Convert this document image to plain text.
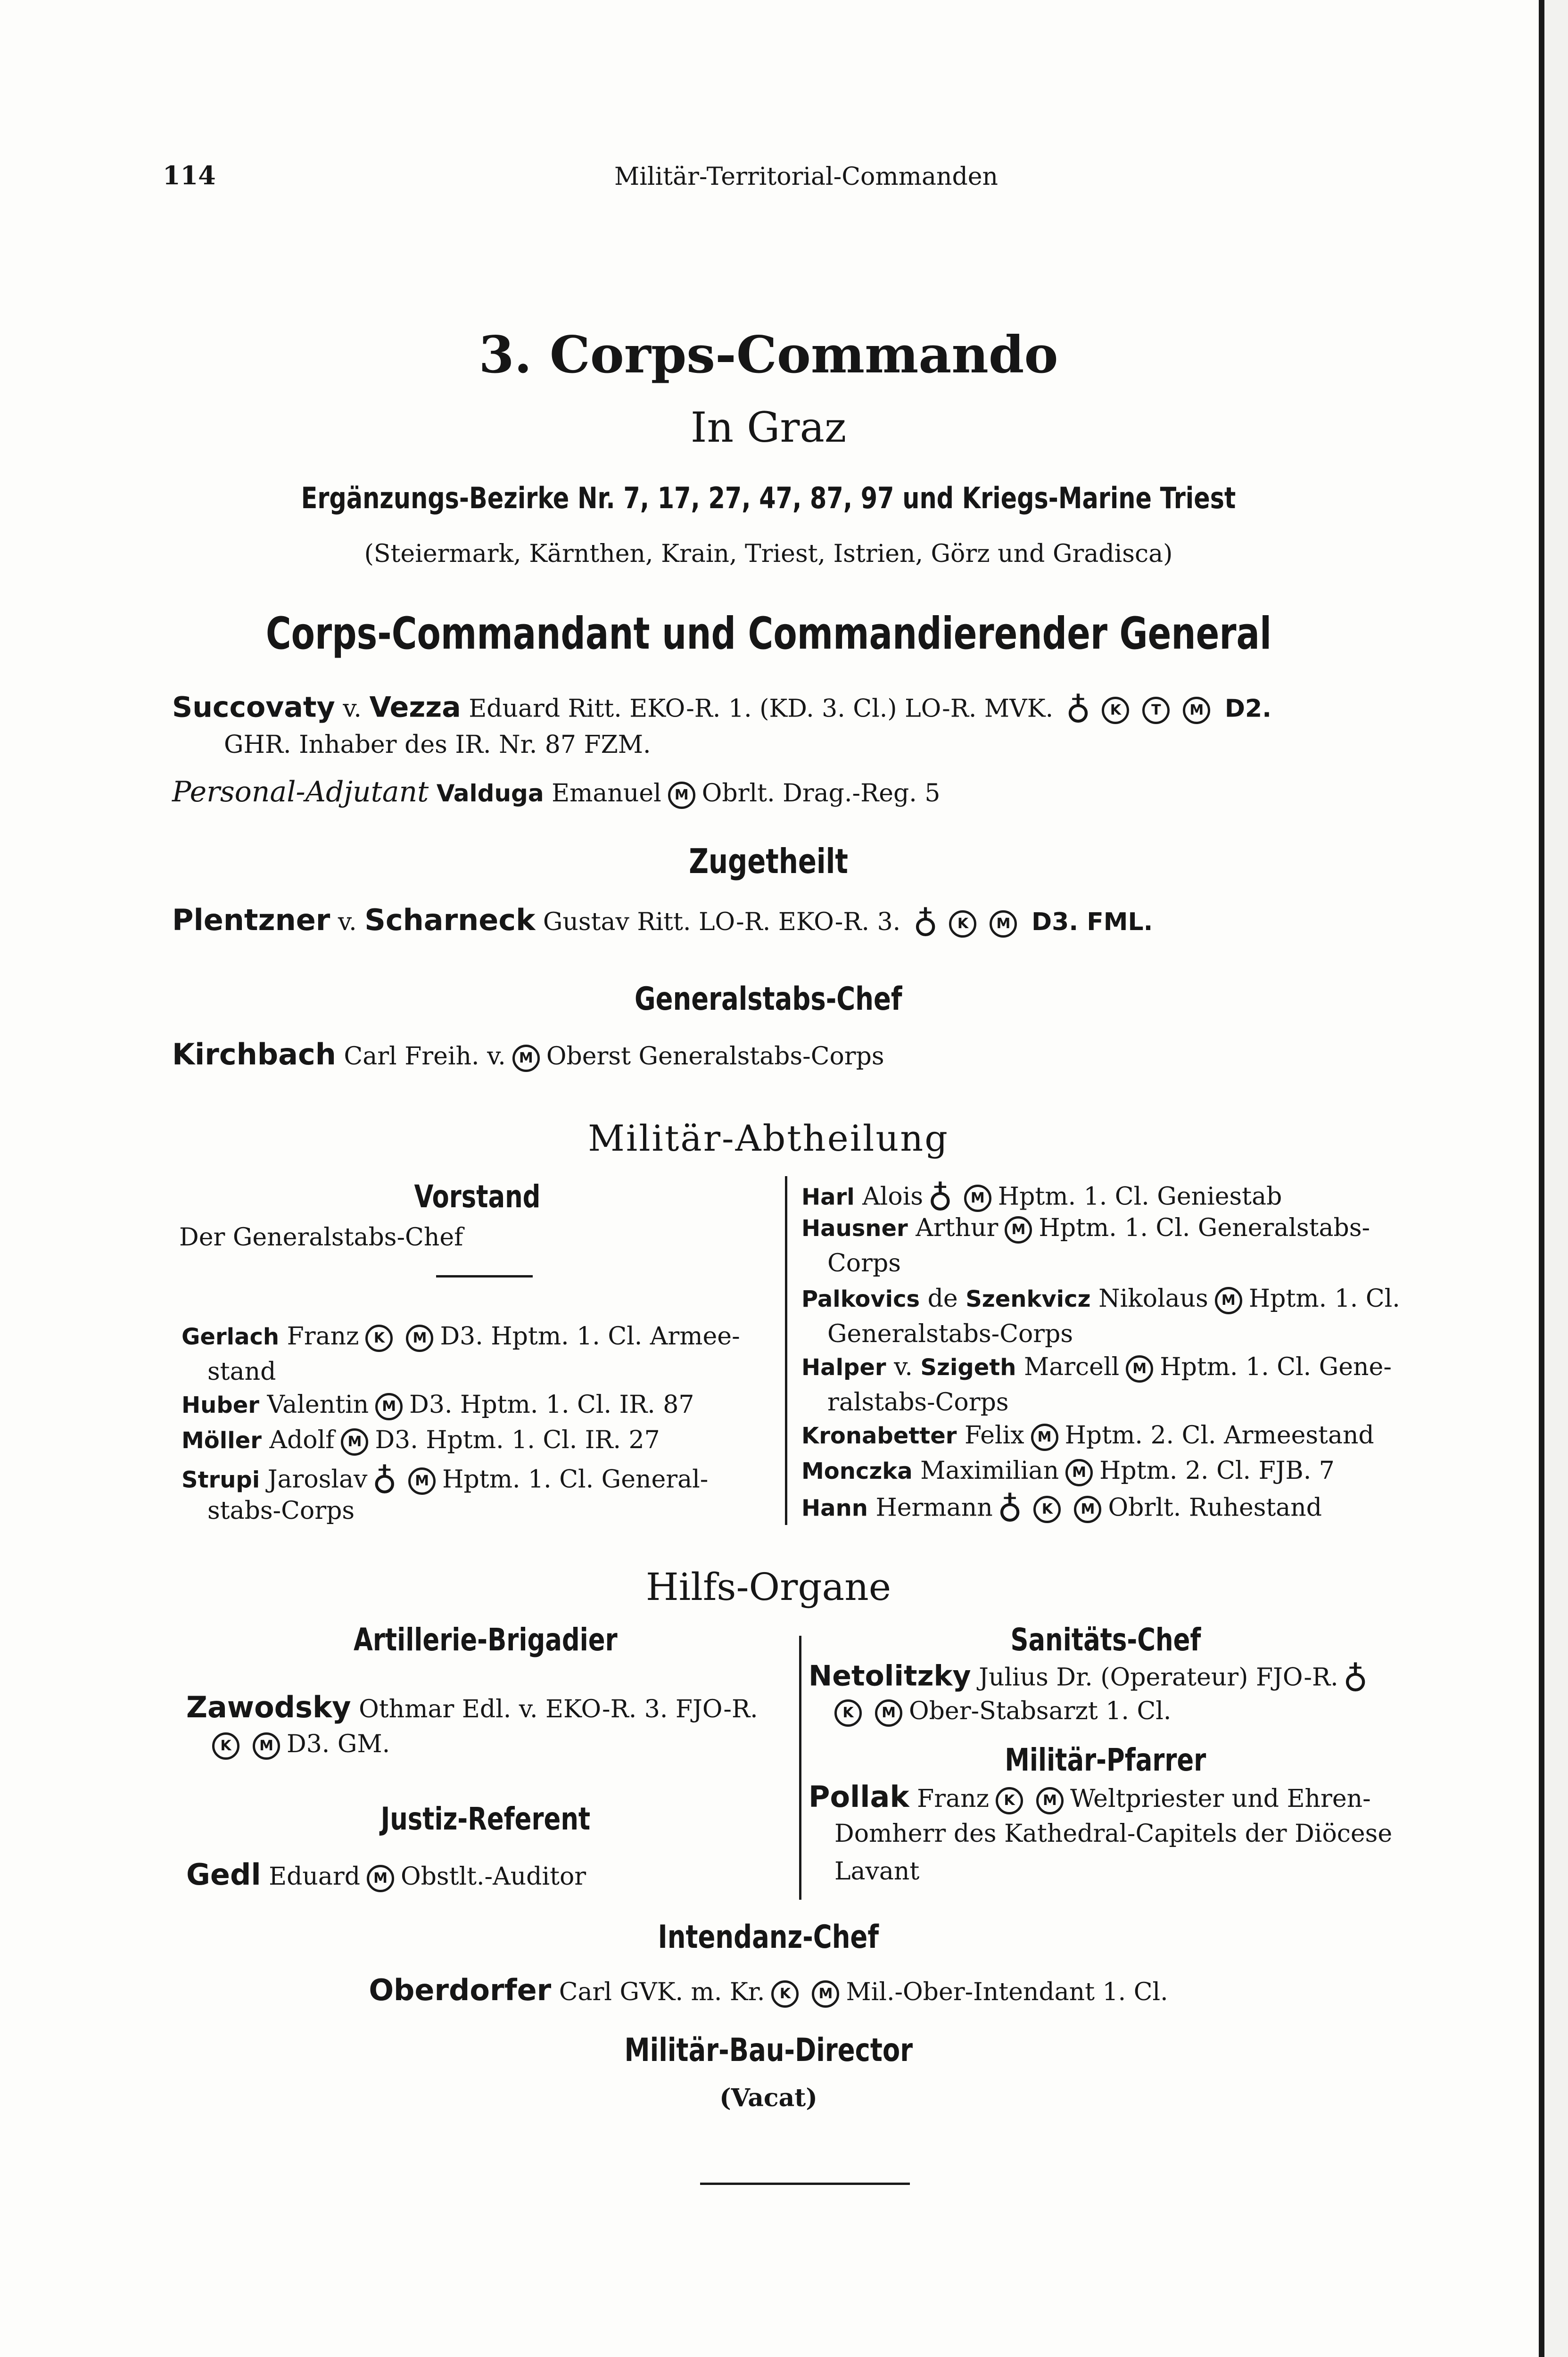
114	Militär-Territorial-Commanden
3. Corps-Commando
In Graz
Ergänzungs-Bezirke Nr. 7, 17, 27, 47, 87, 97 und Kriegs-Marine Triest
(Steiermark, Kärnthen, Krain, Triest, Istrien, Görz und Gradisca)
Corps-Commandant und Commandierender General
Succovaty v. Vezza Eduard Ritt. EKO-R. 1. (KD. 3. Cl.) LO-R. MVK. ♁ K T M D2.
GHR. Inhaber des IR. Nr. 87 FZM.
Personal-Adjutant Valduga Emanuel M Obrlt. Drag.-Reg. 5
Zugetheilt
Plentzner v. Scharneck Gustav Ritt. LO-R. EKO-R. 3. ♁ K M D3. FML.
Generalstabs-Chef
Kirchbach Carl Freih. v. M Oberst Generalstabs-Corps
Militär-Abtheilung
Vorstand
Der Generalstabs-Chef
Gerlach Franz K M D3. Hptm. 1. Cl. Armee-
stand
Huber Valentin M D3. Hptm. 1. Cl. IR. 87
Möller Adolf M D3. Hptm. 1. Cl. IR. 27
Strupi Jaroslav ♁ M Hptm. 1. Cl. General-
stabs-Corps
Harl Alois ♁ M Hptm. 1. Cl. Geniestab
Hausner Arthur M Hptm. 1. Cl. Generalstabs-
Corps
Palkovics de Szenkvicz Nikolaus M Hptm. 1. Cl.
Generalstabs-Corps
Halper v. Szigeth Marcell M Hptm. 1. Cl. Gene-
ralstabs-Corps
Kronabetter Felix M Hptm. 2. Cl. Armeestand
Monczka Maximilian M Hptm. 2. Cl. FJB. 7
Hann Hermann ♁ K M Obrlt. Ruhestand
Hilfs-Organe
Artillerie-Brigadier
Zawodsky Othmar Edl. v. EKO-R. 3. FJO-R.
K M D3. GM.
Justiz-Referent
Gedl Eduard M Obstlt.-Auditor
Sanitäts-Chef
Netolitzky Julius Dr. (Operateur) FJO-R. ♁
K M Ober-Stabsarzt 1. Cl.
Militär-Pfarrer
Pollak Franz K M Weltpriester und Ehren-
Domherr des Kathedral-Capitels der Diöcese
Lavant
Intendanz-Chef
Oberdorfer Carl GVK. m. Kr. K M Mil.-Ober-Intendant 1. Cl.
Militär-Bau-Director
(Vacat)
